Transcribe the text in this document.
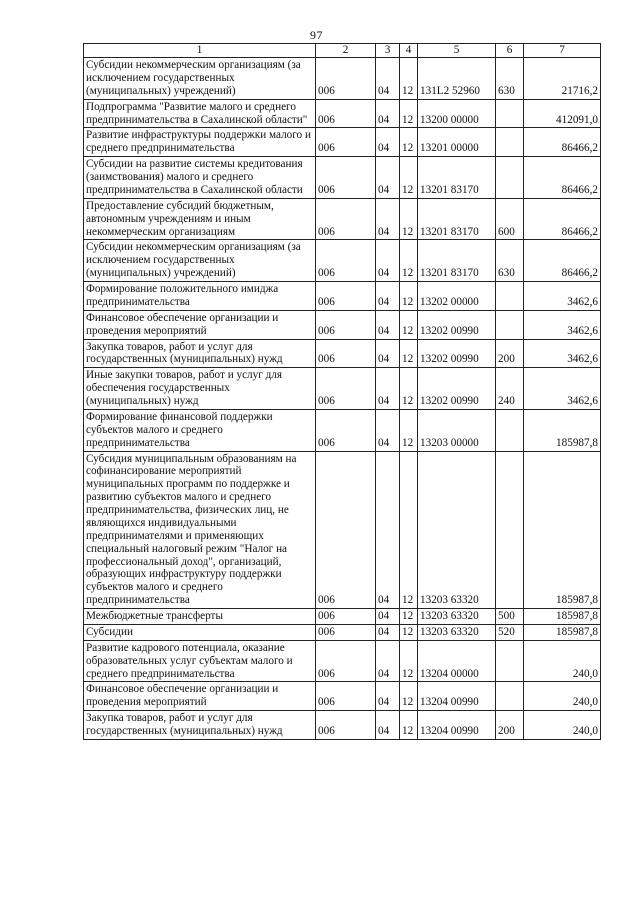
97
1	2	3	4	5	6	7
Субсидии некоммерческим организациям (за исключением государственных (муниципальных) учреждений)	006	04	12	131L2 52960	630	21716,2
Подпрограмма "Развитие малого и среднего предпринимательства в Сахалинской области"	006	04	12	13200 00000		412091,0
Развитие инфраструктуры поддержки малого и среднего предпринимательства	006	04	12	13201 00000		86466,2
Субсидии на развитие системы кредитования (заимствования) малого и среднего предпринимательства в Сахалинской области	006	04	12	13201 83170		86466,2
Предоставление субсидий бюджетным, автономным учреждениям и иным некоммерческим организациям	006	04	12	13201 83170	600	86466,2
Субсидии некоммерческим организациям (за исключением государственных (муниципальных) учреждений)	006	04	12	13201 83170	630	86466,2
Формирование положительного имиджа предпринимательства	006	04	12	13202 00000		3462,6
Финансовое обеспечение организации и проведения мероприятий	006	04	12	13202 00990		3462,6
Закупка товаров, работ и услуг для государственных (муниципальных) нужд	006	04	12	13202 00990	200	3462,6
Иные закупки товаров, работ и услуг для обеспечения государственных (муниципальных) нужд	006	04	12	13202 00990	240	3462,6
Формирование финансовой поддержки субъектов малого и среднего предпринимательства	006	04	12	13203 00000		185987,8
Субсидия муниципальным образованиям на софинансирование мероприятий муниципальных программ по поддержке и развитию субъектов малого и среднего предпринимательства, физических лиц, не являющихся индивидуальными предпринимателями и применяющих специальный налоговый режим "Налог на профессиональный доход", организаций, образующих инфраструктуру поддержки субъектов малого и среднего предпринимательства	006	04	12	13203 63320		185987,8
Межбюджетные трансферты	006	04	12	13203 63320	500	185987,8
Субсидии	006	04	12	13203 63320	520	185987,8
Развитие кадрового потенциала, оказание образовательных услуг субъектам малого и среднего предпринимательства	006	04	12	13204 00000		240,0
Финансовое обеспечение организации и проведения мероприятий	006	04	12	13204 00990		240,0
Закупка товаров, работ и услуг для государственных (муниципальных) нужд	006	04	12	13204 00990	200	240,0
